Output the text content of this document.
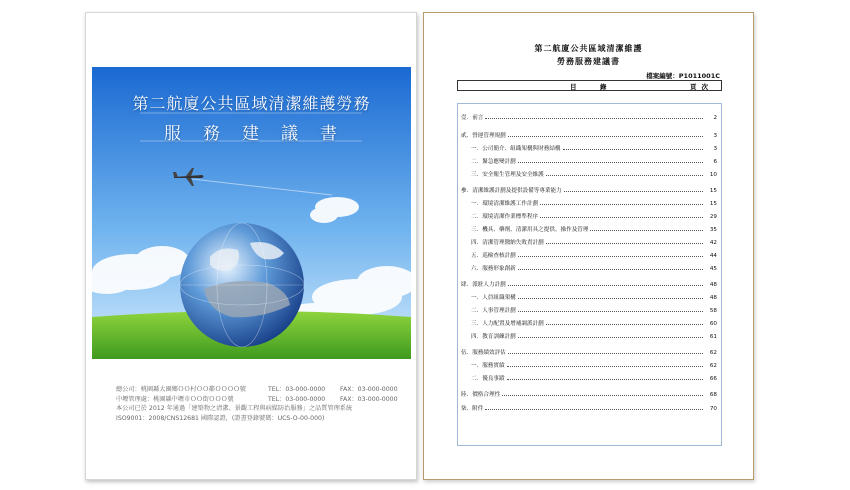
第二航廈公共區域清潔維護勞務
服務建議書
總公司：桃園縣大園鄉ＯＯ村ＯＯ鄰ＯＯＯＯ號	TEL：03-000-0000	FAX：03-000-0000
中壢管理處：桃園縣中壢市ＯＯ街ＯＯＯ號	TEL：03-000-0000	FAX：03-000-0000
本公司已於 2012 年通過「建築物之清潔、景觀工程與病媒防治服務」之品質管理系統
ISO9001：2008/CNS12681 國際認證，(證書登錄號碼：UCS-O-00-000)
第二航廈公共區域清潔維護
勞務服務建議書
檔案編號：P1011001C
目	錄	頁次
壹．前言	2
貳．營運管理規劃	3
一．公司簡介、組織架構與財務結構	3
二．緊急應變計劃	6
三．安全衛生管理及安全維護	10
參．清潔維護計劃及提供設備等專業能力	15
一．環境清潔維護工作計劃	15
二．環境清潔作業標準程序	29
三．機具、藥劑、清潔用具之提供、操作及管理	35
四．清潔管理醫納失敗責計劃	42
五．巡檢查核計劃	44
六．服務形象創新	45
肆．派駐人力計劃	48
一．人員組織架構	48
二．人事管理計劃	58
三．人力配置及增補調派計劃	60
四．教育訓練計劃	61
伍．服務績效評估	62
一．服務實績	62
二．優良事蹟	66
陸．價格合理性	68
柒．附件	70
